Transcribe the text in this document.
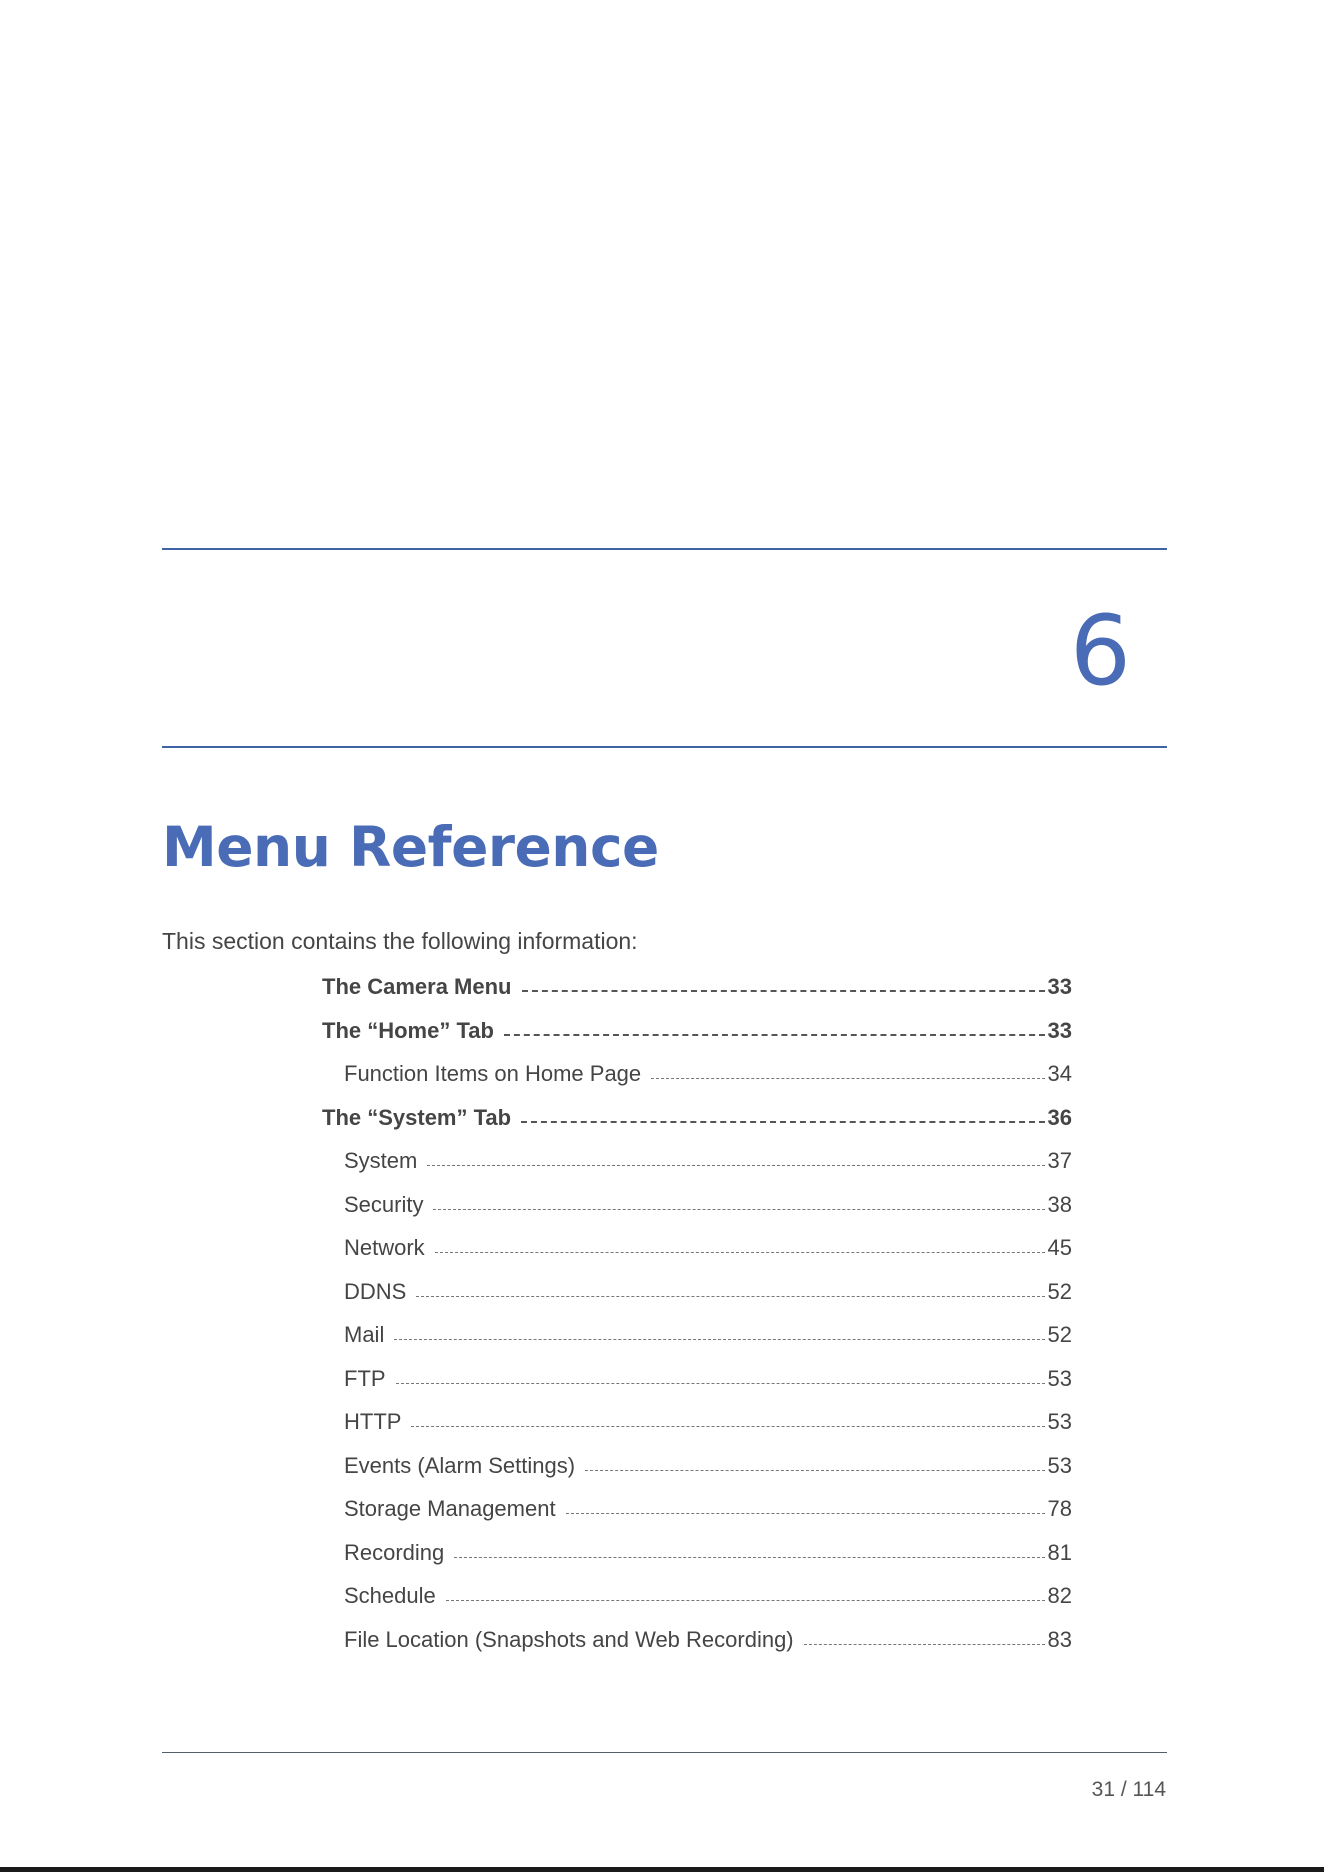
6
Menu Reference
This section contains the following information:
The Camera Menu	33
The “Home” Tab	33
Function Items on Home Page	34
The “System” Tab	36
System	37
Security	38
Network	45
DDNS	52
Mail	52
FTP	53
HTTP	53
Events (Alarm Settings)	53
Storage Management	78
Recording	81
Schedule	82
File Location (Snapshots and Web Recording)	83
31 / 114
